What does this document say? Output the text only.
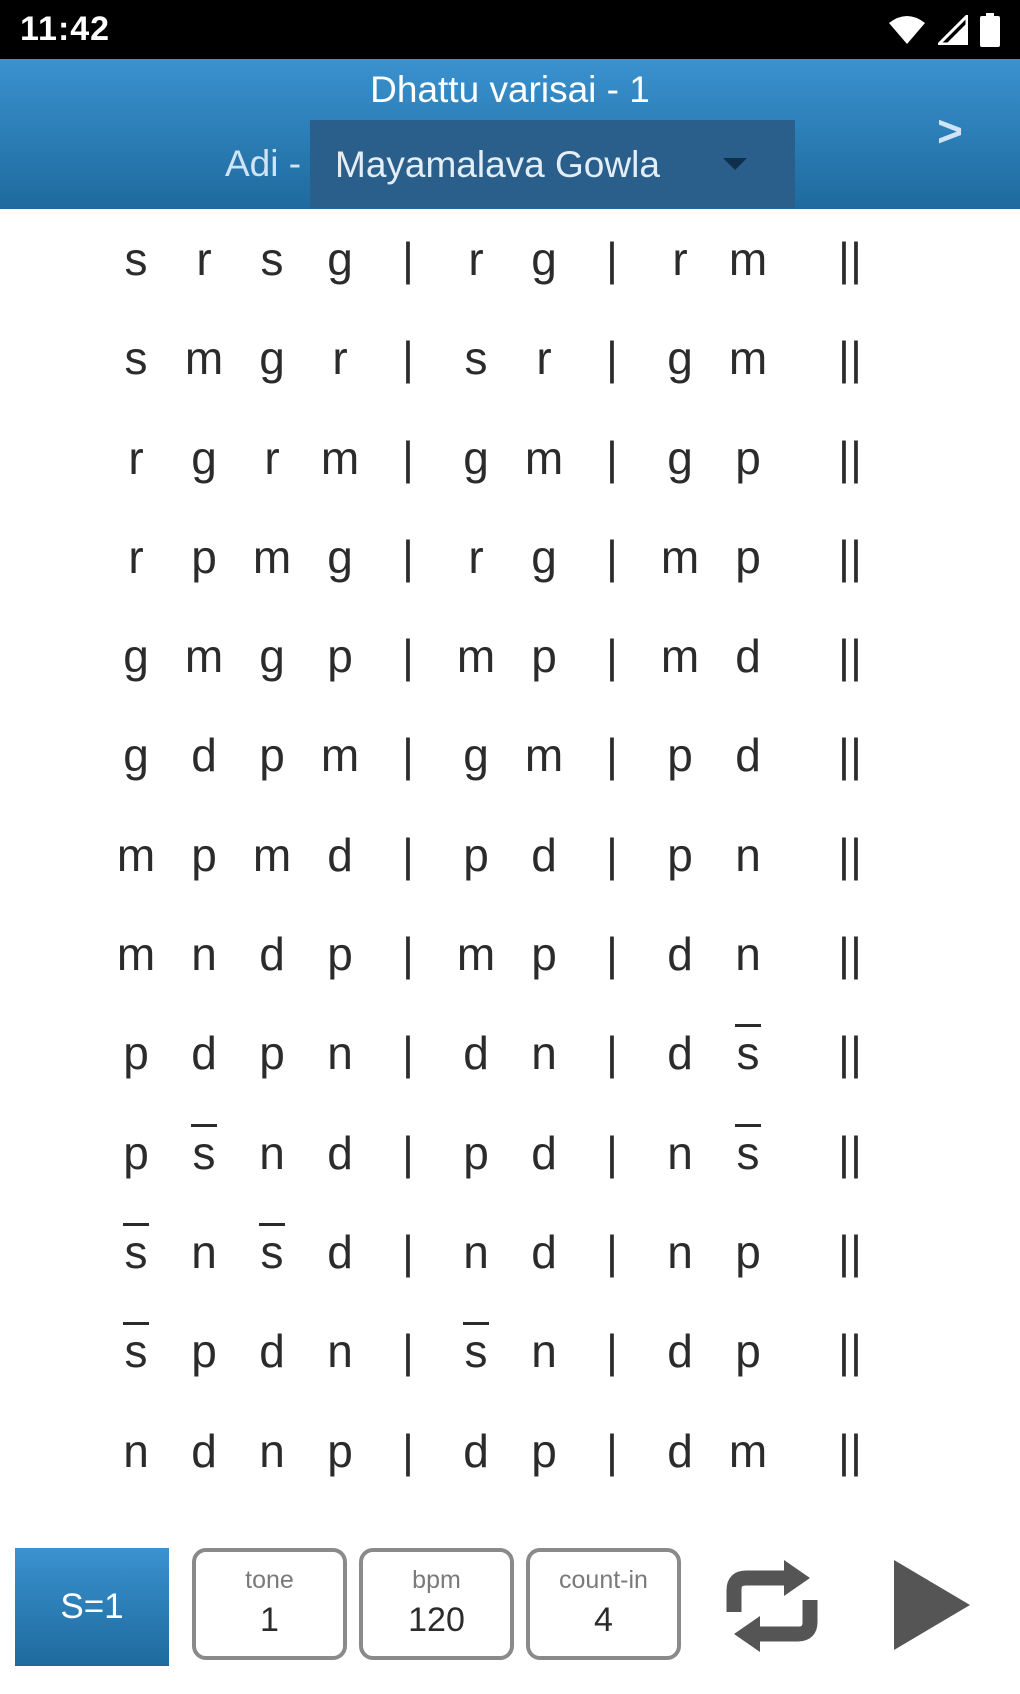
11:42
Dhattu varisai - 1
Adi - Mayamalava Gowla
>
s	r	s g	|	r	g	|	r m	||
s m g	r	|	s	r	|	g m	||
r	g	r m |	g m |	g p	||
r	p m g	|	r	g	| m p	||
g m g p	| m p	| m d	||
g d p m |	g m |	p d	||
m p m d	|	p d	|	p n	||
m n d p	| m p	|	d n	||
p d p n	|	d n	|	d s	||
p s n d	|	p d	|	n s	||
s n s d	|	n d	|	n p	||
s p d n	|	s n	|	d p	||
n d n p	|	d p	|	d m	||
S=1
tone
1
bpm
120
count-in
4
